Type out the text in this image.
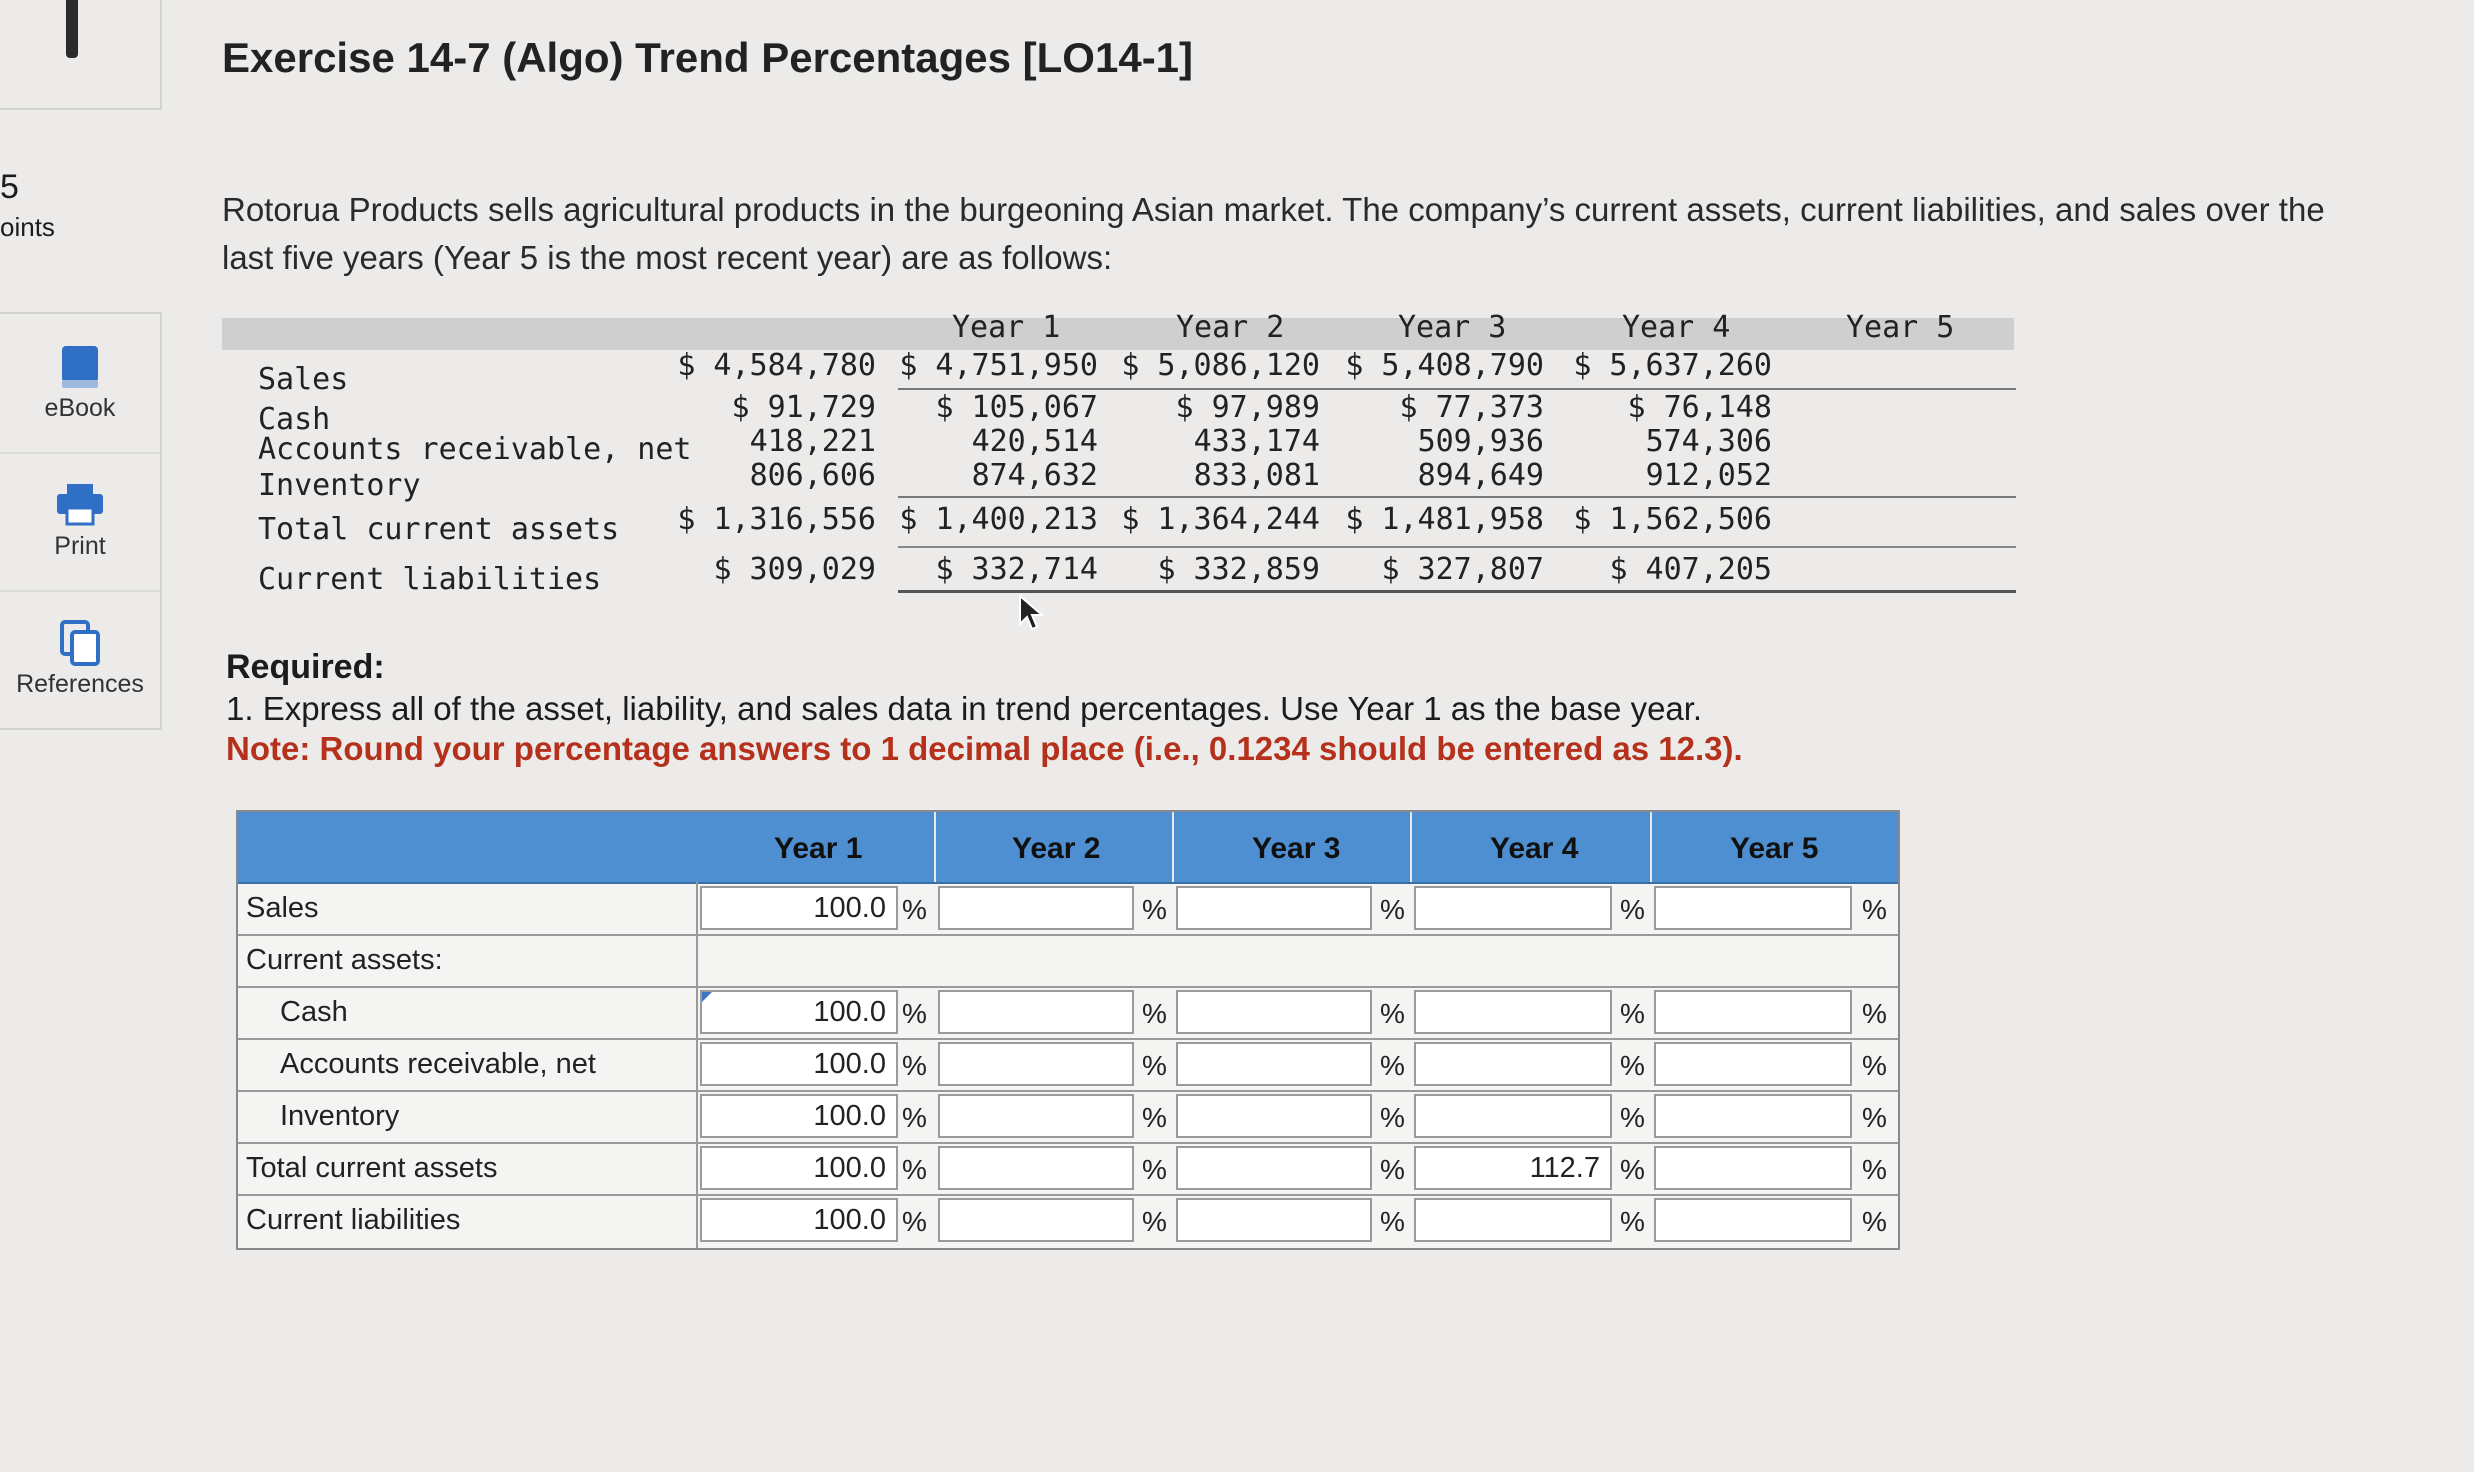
5
oints
eBook
Print
References
Exercise 14-7 (Algo) Trend Percentages [LO14-1]
Rotorua Products sells agricultural products in the burgeoning Asian market. The company’s current assets, current liabilities, and sales over the last five years (Year 5 is the most recent year) are as follows:
Year 1	Year 2	Year 3	Year 4	Year 5
Sales	$ 4,584,780 $ 4,751,950 $ 5,086,120 $ 5,408,790 $ 5,637,260
Cash	$ 91,729 $ 105,067	$ 97,989	$ 77,373	$ 76,148
Accounts receivable, net 418,221	420,514	433,174	509,936	574,306
Inventory	806,606	874,632	833,081	894,649	912,052
Total current assets $ 1,316,556 $ 1,400,213 $ 1,364,244 $ 1,481,958 $ 1,562,506
Current liabilities	$ 309,029 $ 332,714 $ 332,859 $ 327,807 $ 407,205
Required:
1. Express all of the asset, liability, and sales data in trend percentages. Use Year 1 as the base year.
Note: Round your percentage answers to 1 decimal place (i.e., 0.1234 should be entered as 12.3).
Year 1	Year 2	Year 3	Year 4	Year 5
Sales	100.0 %	%	%	%	%
Current assets:
Cash	100.0 %	%	%	%	%
Accounts receivable, net	100.0 %	%	%	%	%
Inventory	100.0 %	%	%	%	%
Total current assets	100.0 %	%	%	112.7 %	%
Current liabilities	100.0 %	%	%	%	%
